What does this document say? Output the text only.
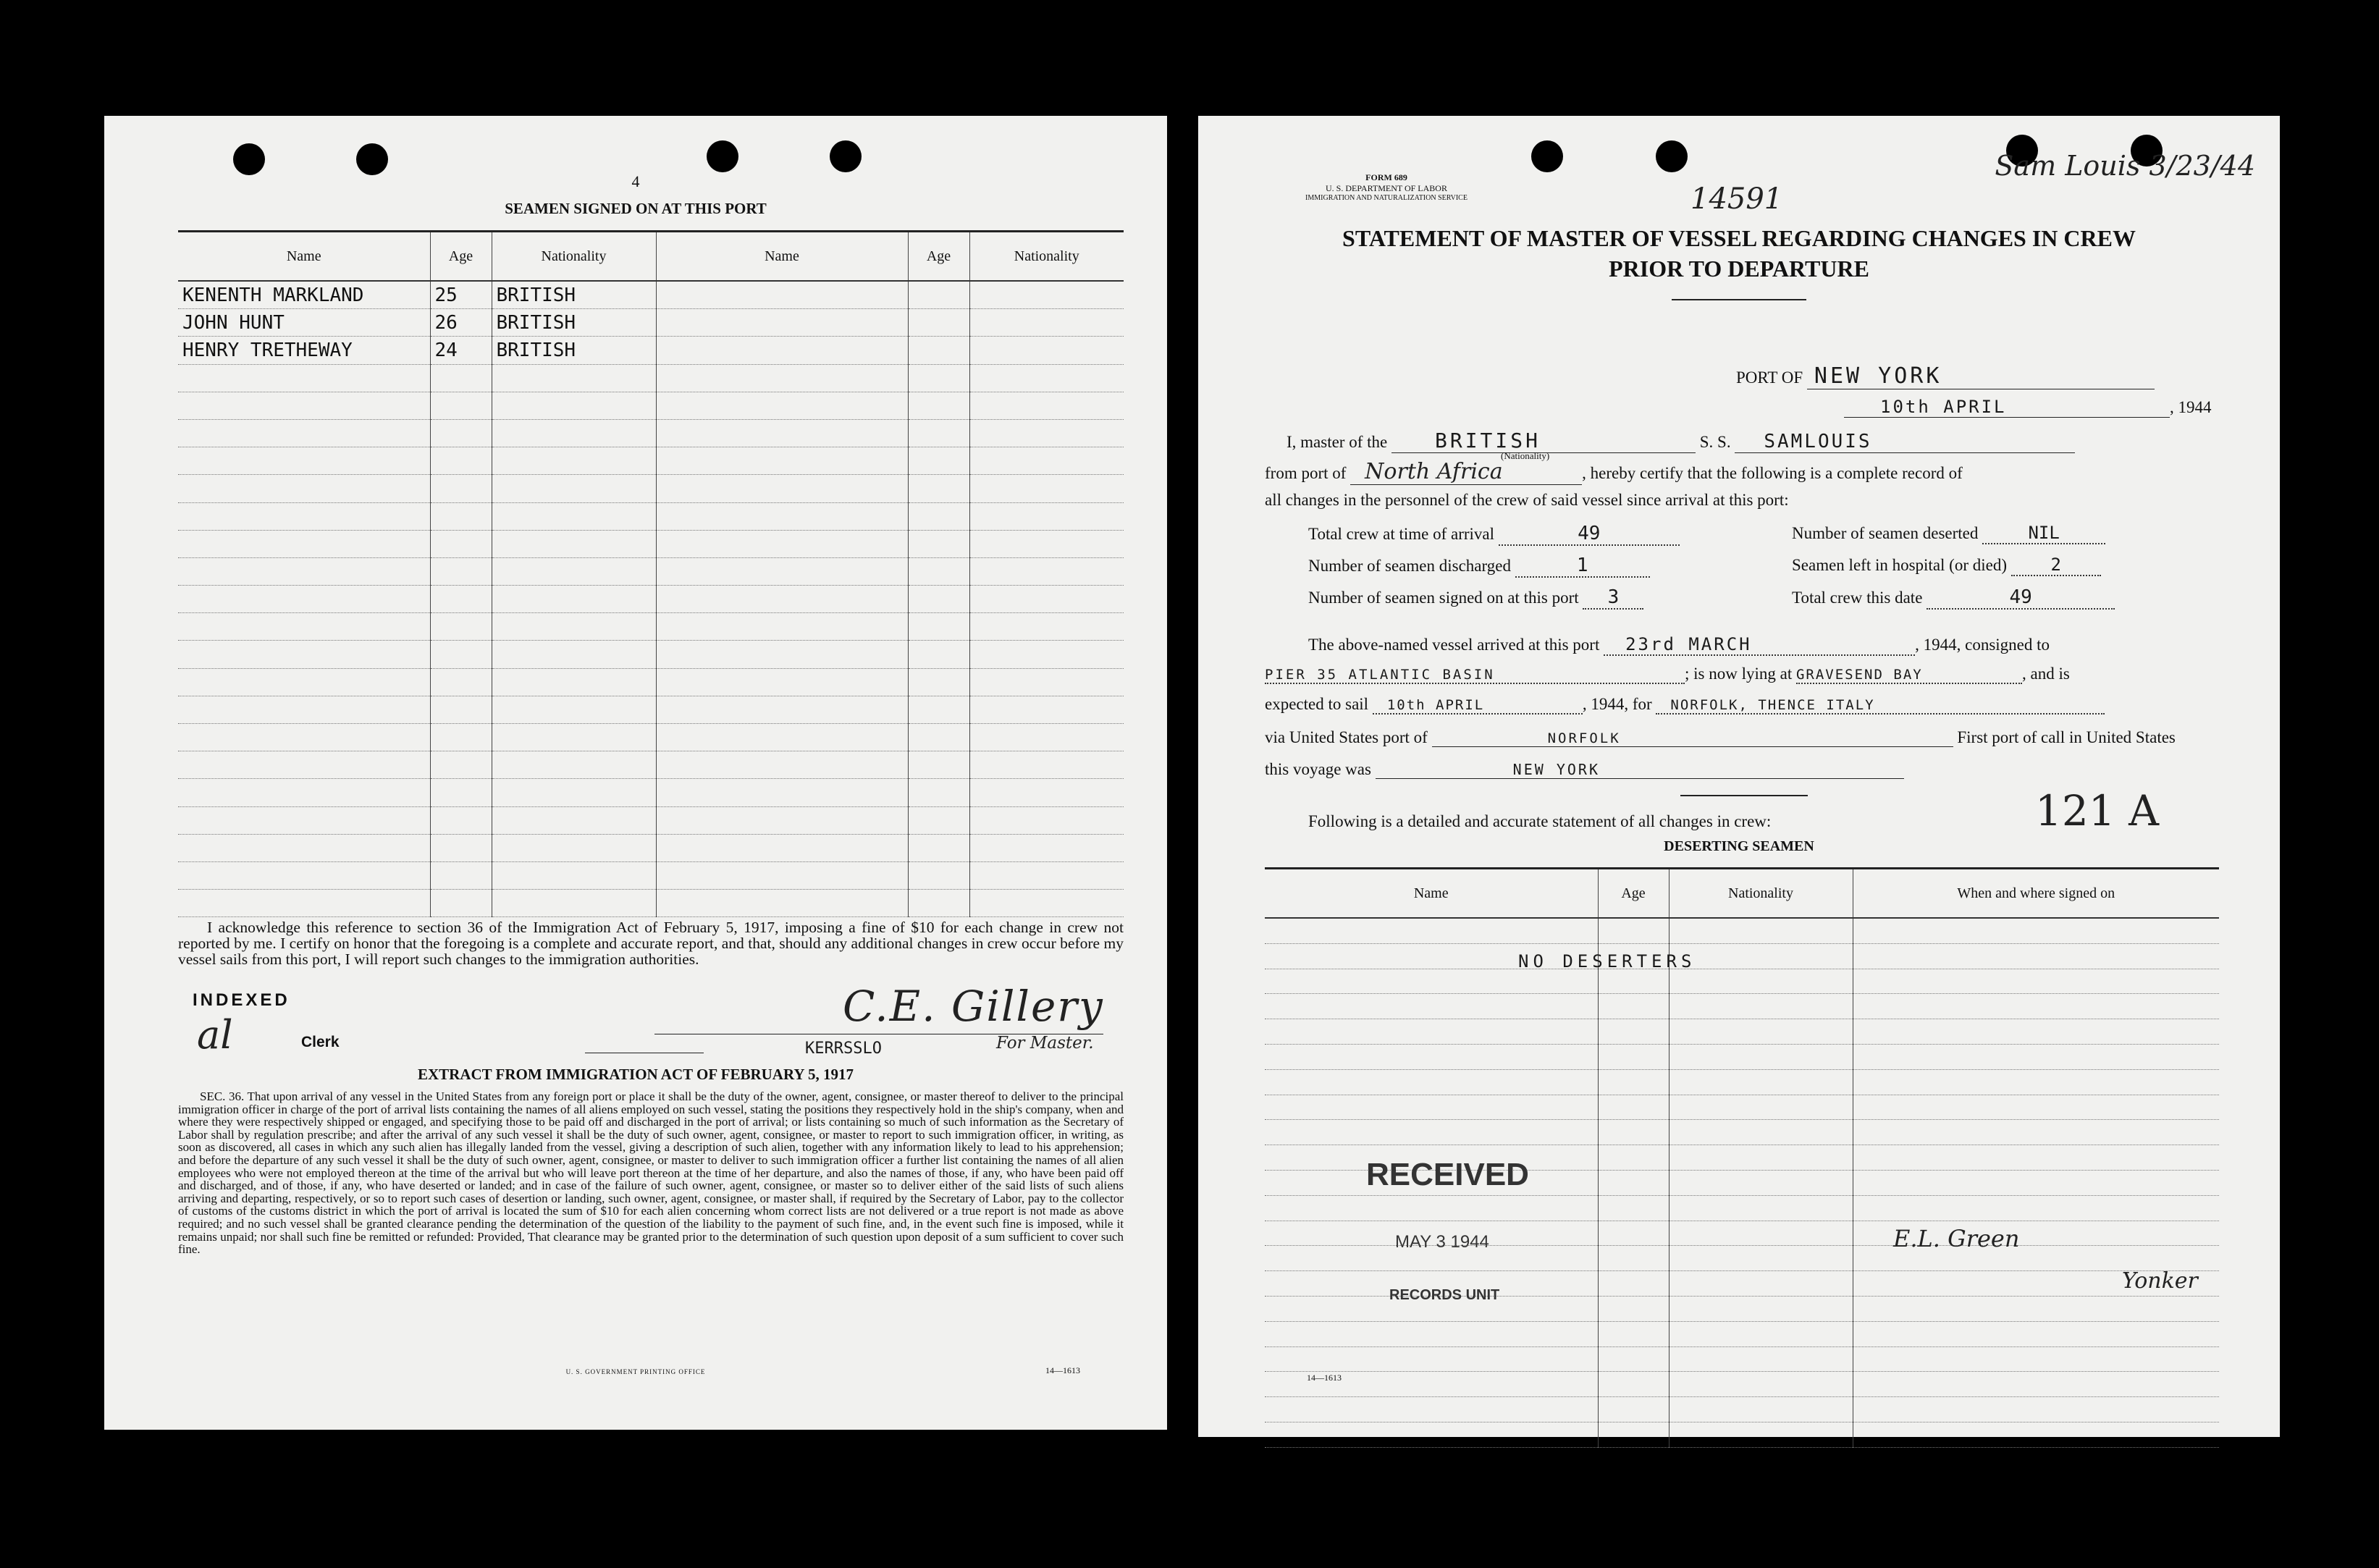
4
SEAMEN SIGNED ON AT THIS PORT
Name	Age	Nationality	Name	Age	Nationality
KENENTH MARKLAND	25	BRITISH			
JOHN HUNT	26	BRITISH			
HENRY TRETHEWAY	24	BRITISH			

I acknowledge this reference to section 36 of the Immigration Act of February 5, 1917, imposing a fine of $10 for each change in crew not reported by me. I certify on honor that the foregoing is a complete and accurate report, and that, should any additional changes in crew occur before my vessel sails from this port, I will report such changes to the immigration authorities.
INDEXED
al	Clerk
C.E. Gillery
KERRSSLO	For Master.
EXTRACT FROM IMMIGRATION ACT OF FEBRUARY 5, 1917
SEC. 36. That upon arrival of any vessel in the United States from any foreign port or place it shall be the duty of the owner, agent, consignee, or master thereof to deliver to the principal immigration officer in charge of the port of arrival lists containing the names of all aliens employed on such vessel, stating the positions they respectively hold in the ship's company, when and where they were respectively shipped or engaged, and specifying those to be paid off and discharged in the port of arrival; or lists containing so much of such information as the Secretary of Labor shall by regulation prescribe; and after the arrival of any such vessel it shall be the duty of such owner, agent, consignee, or master to report to such immigration officer, in writing, as soon as discovered, all cases in which any such alien has illegally landed from the vessel, giving a description of such alien, together with any information likely to lead to his apprehension; and before the departure of any such vessel it shall be the duty of such owner, agent, consignee, or master to deliver to such immigration officer a further list containing the names of all alien employees who were not employed thereon at the time of the arrival but who will leave port thereon at the time of her departure, and also the names of those, if any, who have been paid off and discharged, and of those, if any, who have deserted or landed; and in case of the failure of such owner, agent, consignee, or master so to deliver either of the said lists of such aliens arriving and departing, respectively, or so to report such cases of desertion or landing, such owner, agent, consignee, or master shall, if required by the Secretary of Labor, pay to the collector of customs of the customs district in which the port of arrival is located the sum of $10 for each alien concerning whom correct lists are not delivered or a true report is not made as above required; and no such vessel shall be granted clearance pending the determination of the question of the liability to the payment of such fine, and, in the event such fine is imposed, while it remains unpaid; nor shall such fine be remitted or refunded: Provided, That clearance may be granted prior to the determination of such question upon deposit of a sum sufficient to cover such fine.
U. S. GOVERNMENT PRINTING OFFICE	14—1613
FORM 689
U. S. DEPARTMENT OF LABOR
IMMIGRATION AND NATURALIZATION SERVICE	14591
Sam Louis 3/23/44
STATEMENT OF MASTER OF VESSEL REGARDING CHANGES IN CREW
PRIOR TO DEPARTURE
PORT OF NEW YORK
10th APRIL	, 1944
I, master of the BRITISH	S. S. SAMLOUIS
(Nationality)
from port of North Africa	, hereby certify that the following is a complete record of
all changes in the personnel of the crew of said vessel since arrival at this port:
Total crew at time of arrival	49	Number of seamen deserted	NIL
Number of seamen discharged	1	Seamen left in hospital (or died)	2
Number of seamen signed on at this port 3	Total crew this date	49
The above-named vessel arrived at this port 23rd MARCH	, 1944, consigned to
PIER 35 ATLANTIC BASIN	; is now lying at GRAVESEND BAY	, and is
expected to sail 10th APRIL	, 1944, for NORFOLK, THENCE ITALY
via United States port of	NORFOLK	First port of call in United States
this voyage was	NEW YORK
Following is a detailed and accurate statement of all changes in crew:	121 A
DESERTING SEAMEN
Name	Age	Nationality	When and where signed on

NO DESERTERS
RECEIVED
MAY 3 1944
RECORDS UNIT
E.L. Green
Yonker
14—1613
